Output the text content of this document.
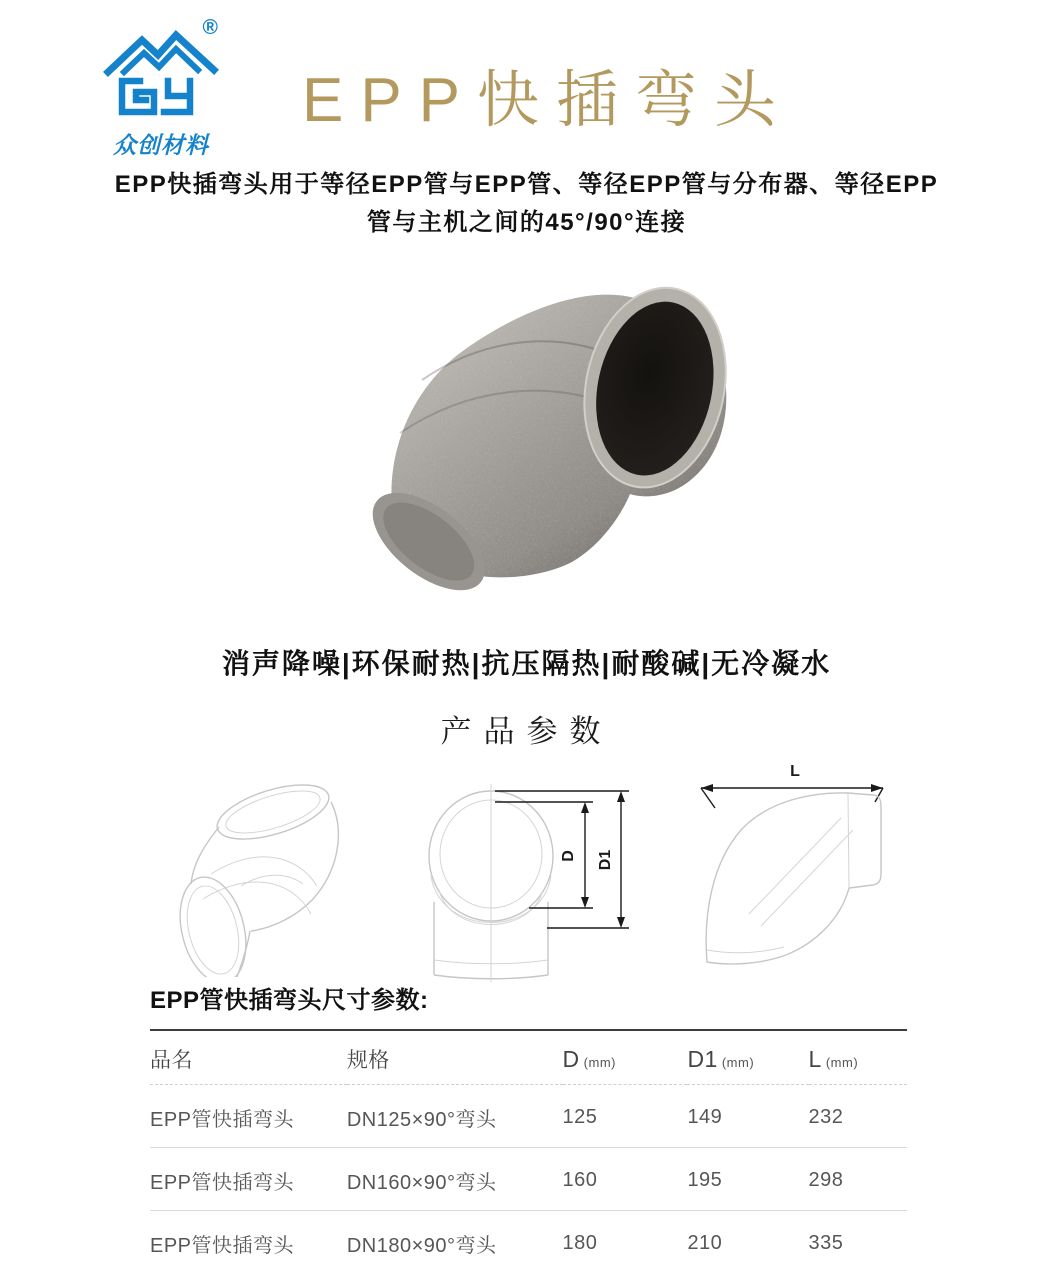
®
众创材料
EPP快插弯头

EPP快插弯头用于等径EPP管与EPP管、等径EPP管与分布器、等径EPP
管与主机之间的45°/90°连接

消声降噪|环保耐热|抗压隔热|耐酸碱|无冷凝水
产品参数
D D1
L
EPP管快插弯头尺寸参数:
品名	规格	D (mm)	D1 (mm)	L (mm)
EPP管快插弯头	DN125×90°弯头	125	149	232
EPP管快插弯头	DN160×90°弯头	160	195	298
EPP管快插弯头	DN180×90°弯头	180	210	335
